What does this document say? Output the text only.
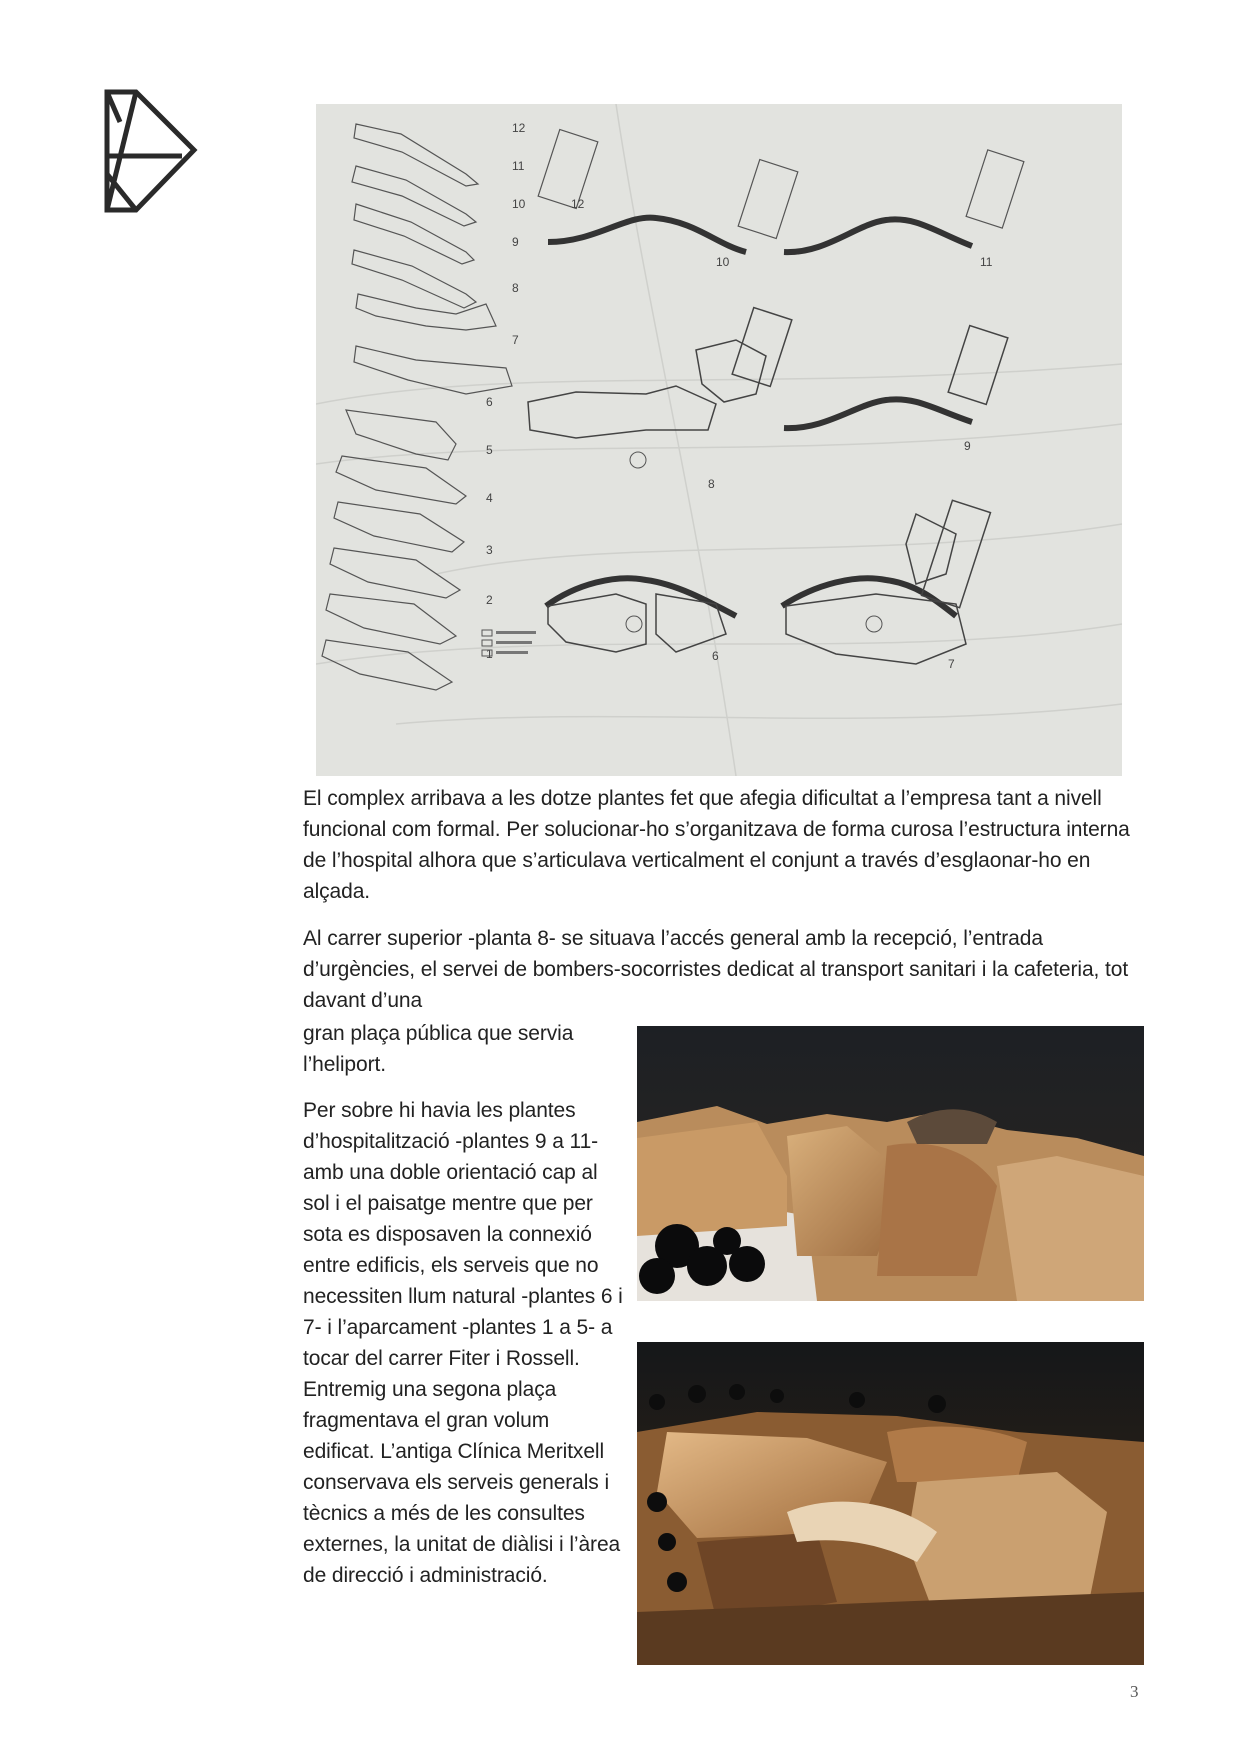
12
11
10
9
8
7
6
5
4
3
2
1
10	11
12
8
9
6
7

El complex arribava a les dotze plantes fet que afegia dificultat a l’empresa tant a nivell funcional com formal. Per solucionar-ho s’organitzava de forma curosa l’estructura interna de l’hospital alhora que s’articulava verticalment el conjunt a través d’esglaonar-ho en alçada.

Al carrer superior -planta 8- se situava l’accés general amb la recepció, l’entrada d’urgències, el servei de bombers-socorristes dedicat al transport sanitari i la cafeteria, tot davant d’una

gran plaça pública que servia l’heliport.

Per sobre hi havia les plantes d’hospitalització -plantes 9 a 11- amb una doble orientació cap al sol i el paisatge mentre que per sota es disposaven la connexió entre edificis, els serveis que no necessiten llum natural -plantes 6 i 7- i l’aparcament -plantes 1 a 5- a tocar del carrer Fiter i Rossell. Entremig una segona plaça fragmentava el gran volum edificat. L’antiga Clínica Meritxell conservava els serveis generals i tècnics a més de les consultes externes, la unitat de diàlisi i l’àrea de direcció i administració.

3
